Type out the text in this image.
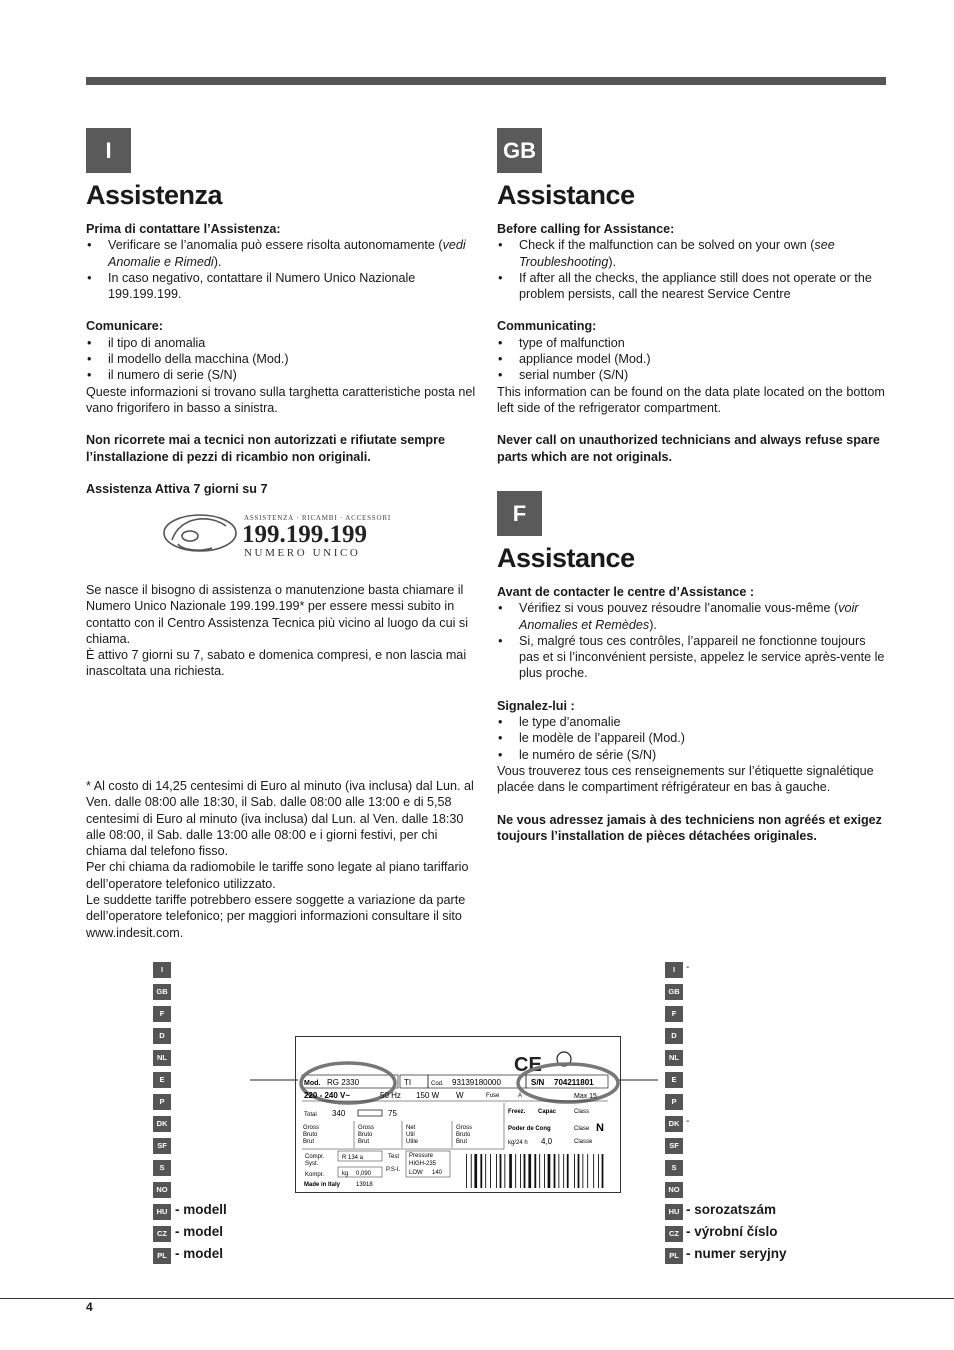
I
Assistenza

Prima di contattare l’Assistenza:

• Verificare se l’anomalia può essere risolta autonomamente (vedi Anomalie e Rimedi).
• In caso negativo, contattare il Numero Unico Nazionale 199.199.199.

Comunicare:

• il tipo di anomalia
• il modello della macchina (Mod.)
• il numero di serie (S/N)

Queste informazioni si trovano sulla targhetta caratteristiche posta nel vano frigorifero in basso a sinistra.

Non ricorrete mai a tecnici non autorizzati e rifiutate sempre l’installazione di pezzi di ricambio non originali.

Assistenza Attiva 7 giorni su 7

ASSISTENZA · RICAMBI · ACCESSORI
199.199.199
NUMERO UNICO

Se nasce il bisogno di assistenza o manutenzione basta chiamare il Numero Unico Nazionale 199.199.199* per essere messi subito in contatto con il Centro Assistenza Tecnica più vicino al luogo da cui si chiama.

È attivo 7 giorni su 7, sabato e domenica compresi, e non lascia mai inascoltata una richiesta.

* Al costo di 14,25 centesimi di Euro al minuto (iva inclusa) dal Lun. al Ven. dalle 08:00 alle 18:30, il Sab. dalle 08:00 alle 13:00 e di 5,58 centesimi di Euro al minuto (iva inclusa) dal Lun. al Ven. dalle 18:30 alle 08:00, il Sab. dalle 13:00 alle 08:00 e i giorni festivi, per chi chiama dal telefono fisso.

Per chi chiama da radiomobile le tariffe sono legate al piano tariffario dell’operatore telefonico utilizzato.

Le suddette tariffe potrebbero essere soggette a variazione da parte dell’operatore telefonico; per maggiori informazioni consultare il sito www.indesit.com.

GB
Assistance

Before calling for Assistance:

• Check if the malfunction can be solved on your own (see Troubleshooting).
• If after all the checks, the appliance still does not operate or the problem persists, call the nearest Service Centre

Communicating:

• type of malfunction
• appliance model (Mod.)
• serial number (S/N)

This information can be found on the data plate located on the bottom left side of the refrigerator compartment.

Never call on unauthorized technicians and always refuse spare parts which are not originals.

F
Assistance

Avant de contacter le centre d’Assistance :

• Vérifiez si vous pouvez résoudre l’anomalie vous-même (voir Anomalies et Remèdes).
• Si, malgré tous ces contrôles, l’appareil ne fonctionne toujours pas et si l’inconvénient persiste, appelez le service après-vente le plus proche.

Signalez-lui :

• le type d’anomalie
• le modèle de l’appareil (Mod.)
• le numéro de série (S/N)

Vous trouverez tous ces renseignements sur l’étiquette signalétique placée dans le compartiment réfrigérateur en bas à gauche.

Ne vous adressez jamais à des techniciens non agréés et exigez toujours l’installation de pièces détachées originales.

I
GB
F
D
NL
E
P
DK
SF
S
NO
HU
CZ
PL
- modell
- model
- model
I
GB
F
D
NL
E
P
DK
SF
S
NO
HU
CZ
PL
-
-
- sorozatszám
- výrobní číslo
- numer seryjny
CE
Mod. RG 2330	TI	Cod. 93139180000	S/N 704211801
220 - 240 V~	50 Hz 150 W W	Fuse	A	Max 15
Total 340	75	Freez. Capac	Class
Gross Bruto Brut
Gross Bruto Brut
Net Util Utile
Gross Bruto Brut
Poder de Cong	Clase N
kg/24 h 4,0	Classe
Compr. Syst.
Kompr.
R 134 a
kg 0,090
Test
P.S-I.
Pressure
HIGH-235
LOW 140
Made in Italy	13918
4
